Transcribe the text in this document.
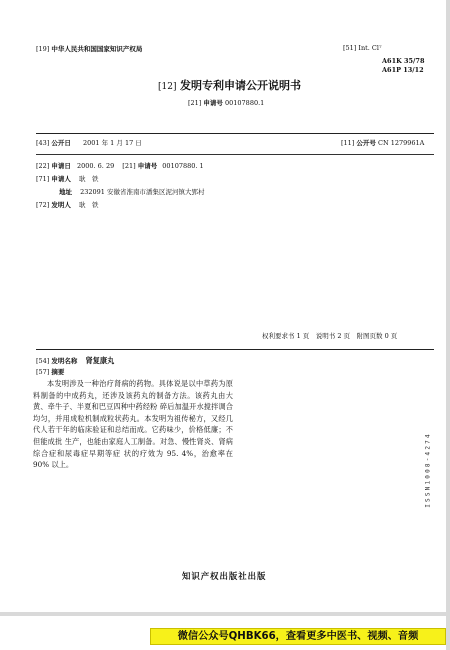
[19] 中华人民共和国国家知识产权局	[51] Int. Cl⁷
A61K 35/78
A61P 13/12
[12] 发明专利申请公开说明书
[21] 申请号 00107880.1
[43] 公开日 2001 年 1 月 17 日	[11] 公开号 CN 1279961A
[22] 申请日 2000. 6. 29 [21] 申请号 00107880. 1
[71] 申请人 耿　铁
地址 232091 安徽省淮南市潘集区泥河镇大郢村
[72] 发明人 耿　铁
权利要求书 1 页　说明书 2 页　附图页数 0 页
[54] 发明名称 肾复康丸
[57] 摘要

本发明涉及一种治疗肾病的药物。具体说是以中草药为原料制备的中成药丸，还涉及该药丸的制备方法。该药丸由大黄、牵牛子、半夏和巴豆四种中药经粉 碎后加温开水搅拌调合均匀，并用成粒机制成粒状药丸。本发明为祖传秘方，又经几代人若干年的临床验证和总结而成。它药味少，价格低廉；不但能成批 生产，也能由家庭人工制备。对急、慢性肾炎、肾病综合症和尿毒症早期等症 状的疗效为 95. 4%，治愈率在 90% 以上。	ISSN1008-4274
知识产权出版社出版
微信公众号QHBK66，查看更多中医书、视频、音频
